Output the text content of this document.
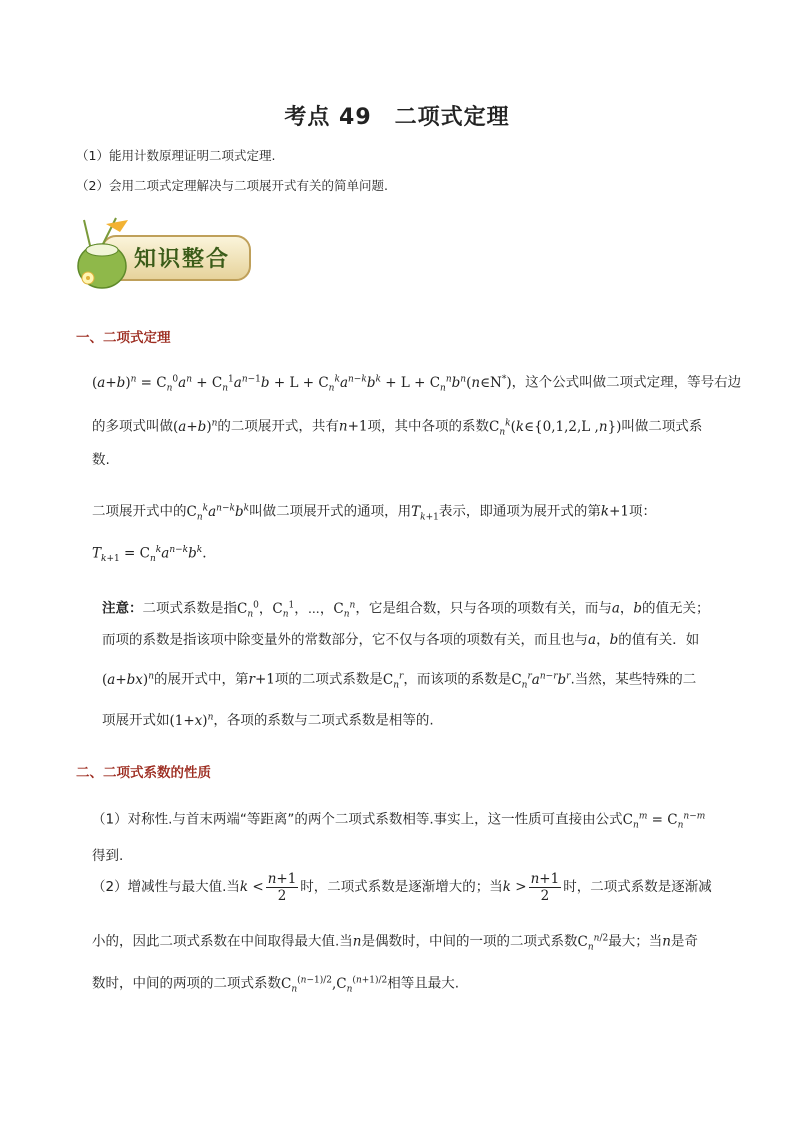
考点 49　二项式定理
（1）能用计数原理证明二项式定理.
（2）会用二项式定理解决与二项展开式有关的简单问题.
知识整合
一、二项式定理
$(a+b)^n = C_n^0a^n + C_n^1a^{n-1}b + L + C_n^ka^{n-k}b^k + L$ + $C_n^nb^n(n\in N^*)$，这个公式叫做二项式定理，等号右边
的多项式叫做$(a+b)^n$的二项展开式，共有n+1项，其中各项的系数$C_n^k(k\in\{0,1,2,L$ ,n})叫做二项式系
数.
二项展开式中的$C_n^ka^{n-k}b^k$叫做二项展开式的通项，用$T_{k+1}$表示，即通项为展开式的第k+1项：
$T_{k+1} = C_n^ka^{n-k}b^k$.
注意：二项式系数是指$C_n^0$，$C_n^1$，⋯，$C_n^n$，它是组合数，只与各项的项数有关，而与a，b的值无关；
而项的系数是指该项中除变量外的常数部分，它不仅与各项的项数有关，而且也与a，b的值有关．如
$(a+bx)^n$的展开式中，第r+1项的二项式系数是$C_n^r$，而该项的系数是$C_n^ra^{n-r}b^r$.当然，某些特殊的二
项展开式如$(1+x)^n$，各项的系数与二项式系数是相等的.
二、二项式系数的性质
（1）对称性.与首末两端“等距离”的两个二项式系数相等.事实上，这一性质可直接由公式$C_n^m = C_n^{n-m}$
得到.
（2）增减性与最大值.当$k < \frac{n+1}{2}$ 时，二项式系数是逐渐增大的；当$k > \frac{n+1}{2}$ 时，二项式系数是逐渐减
小的，因此二项式系数在中间取得最大值.当n是偶数时，中间的一项的二项式系数$C_n^{n/2}$最大；当n是奇
数时，中间的两项的二项式系数$C_n^{(n-1)/2},C_n^{(n+1)/2}$相等且最大.
